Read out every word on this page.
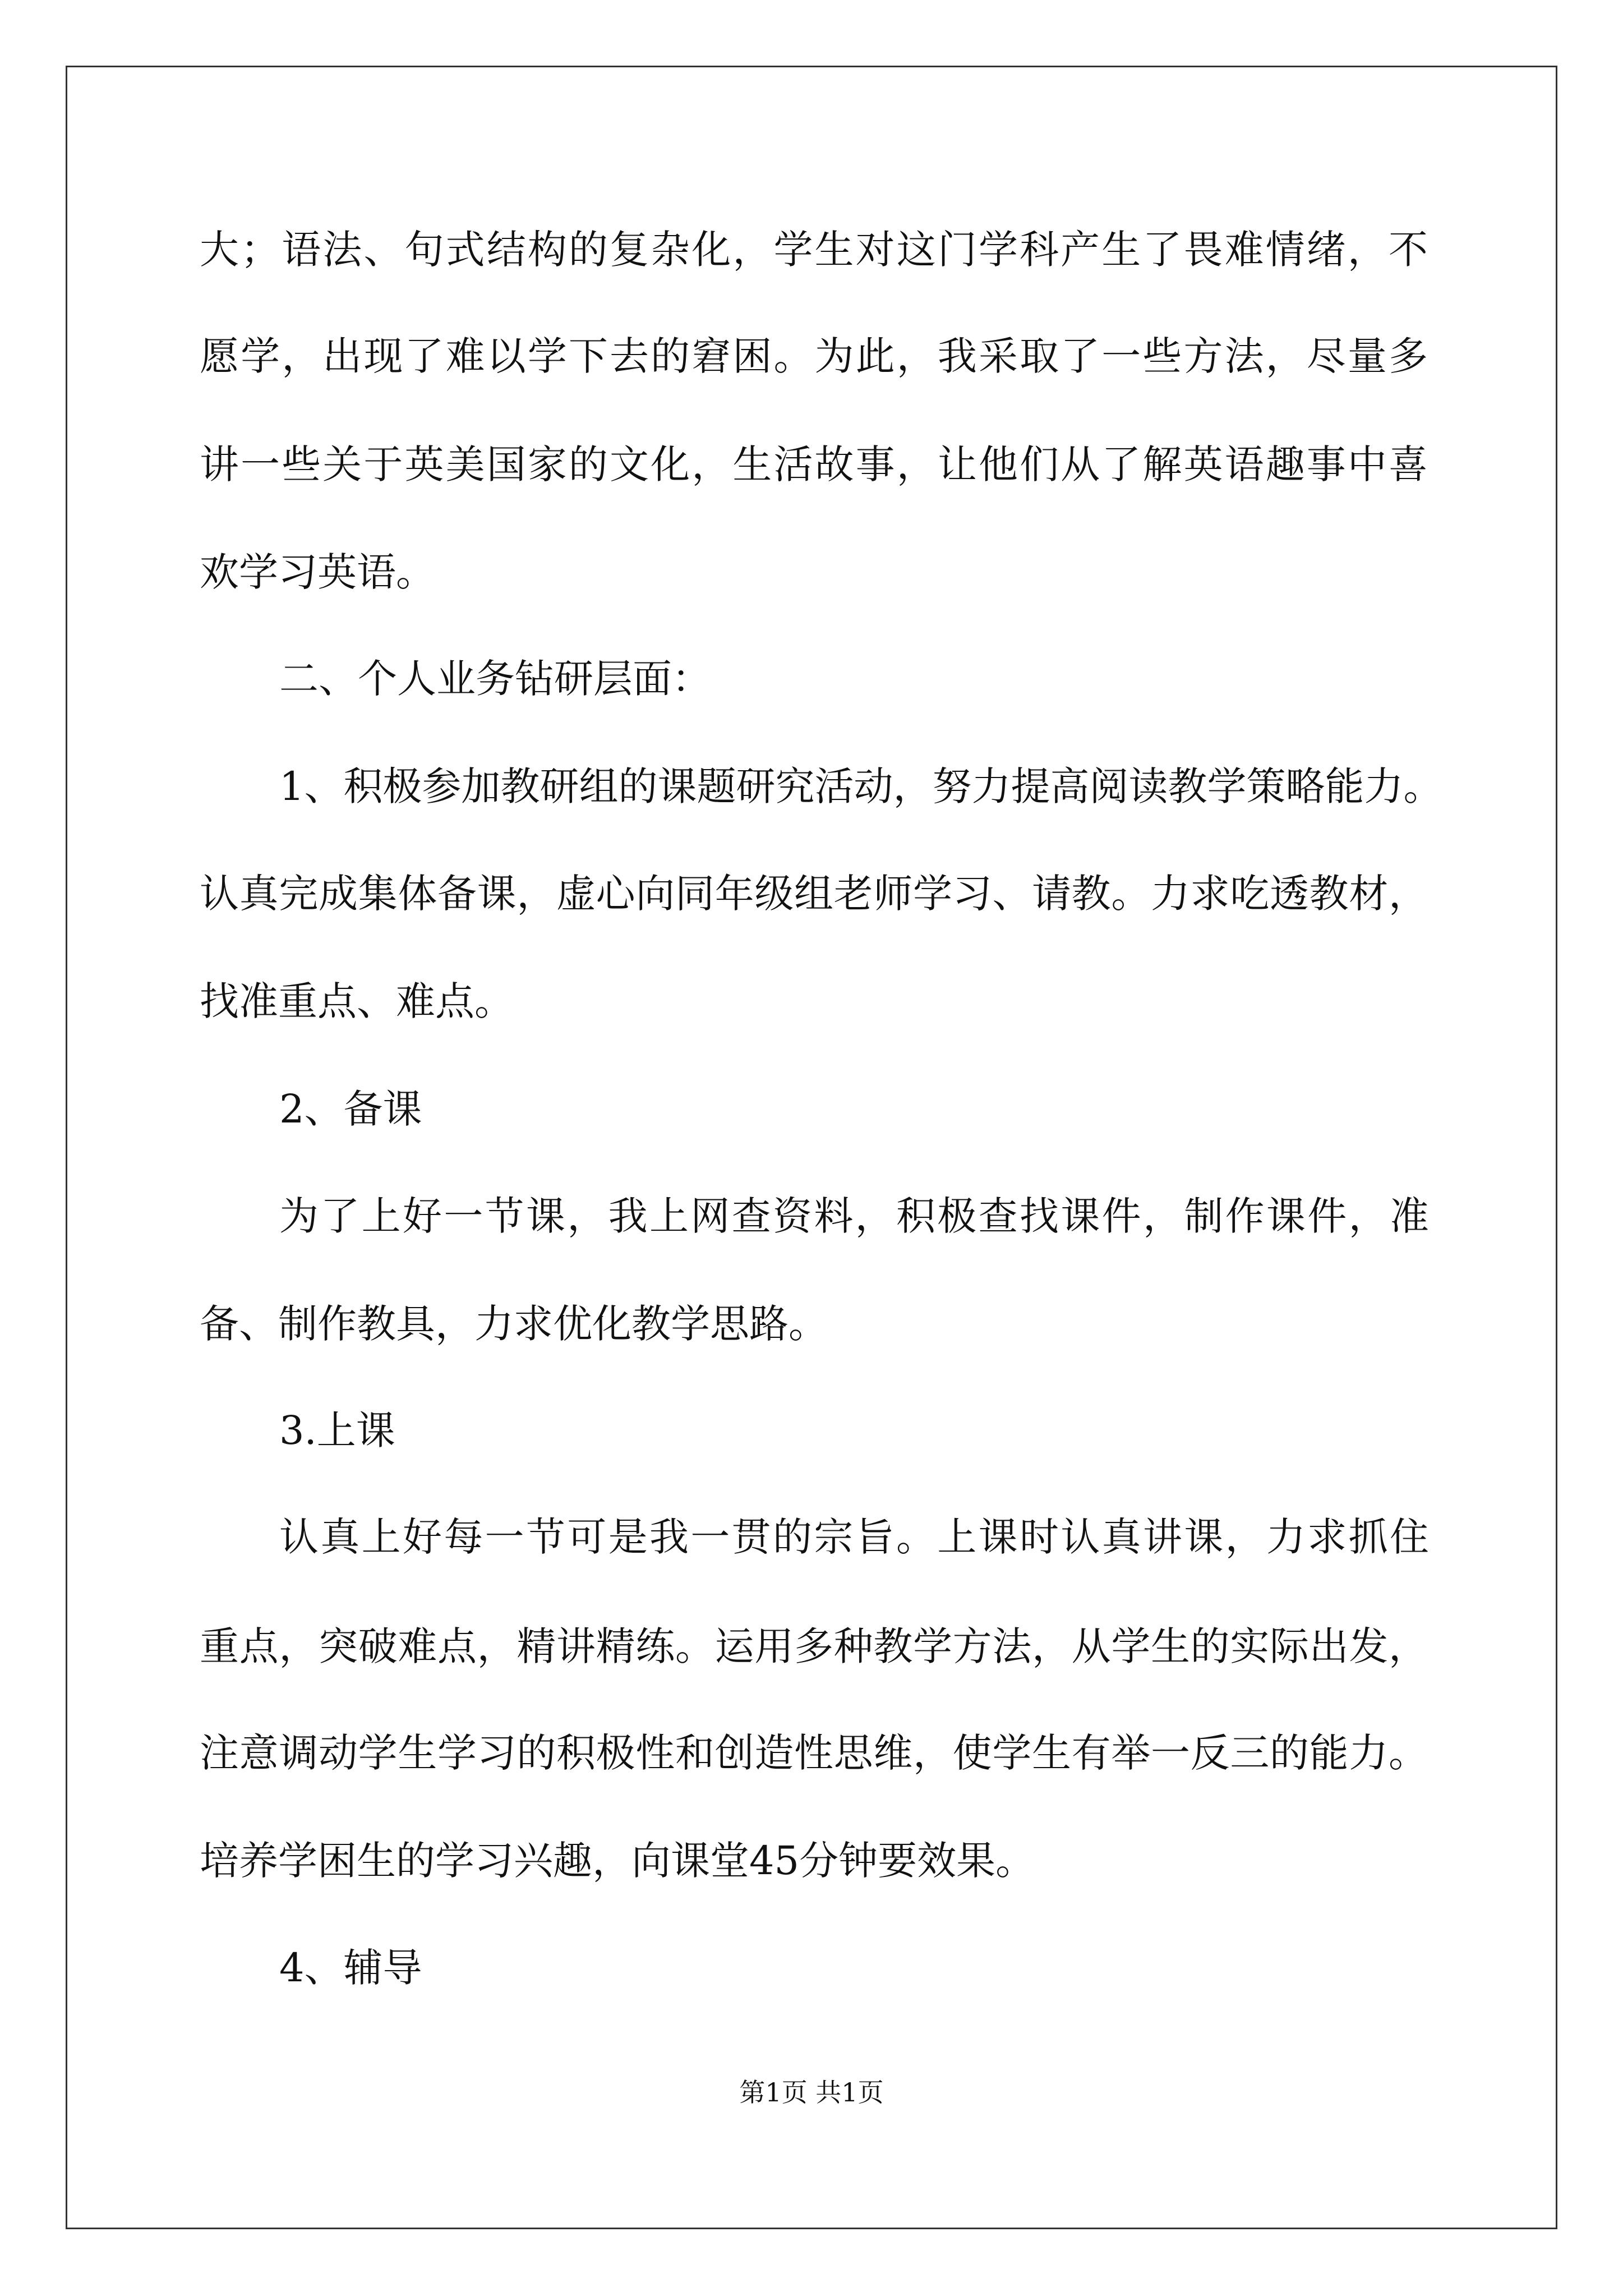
大；语法、句式结构的复杂化，学生对这门学科产生了畏难情绪，不

愿学，出现了难以学下去的窘困。为此，我采取了一些方法，尽量多

讲一些关于英美国家的文化，生活故事，让他们从了解英语趣事中喜

欢学习英语。

二、个人业务钻研层面：

1、积极参加教研组的课题研究活动，努力提高阅读教学策略能力。

认真完成集体备课，虚心向同年级组老师学习、请教。力求吃透教材，

找准重点、难点。

2、备课

为了上好一节课，我上网查资料，积极查找课件，制作课件，准

备、制作教具，力求优化教学思路。

3.上课

认真上好每一节可是我一贯的宗旨。上课时认真讲课，力求抓住

重点，突破难点，精讲精练。运用多种教学方法，从学生的实际出发，

注意调动学生学习的积极性和创造性思维，使学生有举一反三的能力。

培养学困生的学习兴趣，向课堂45分钟要效果。

4、辅导

第1页 共1页
